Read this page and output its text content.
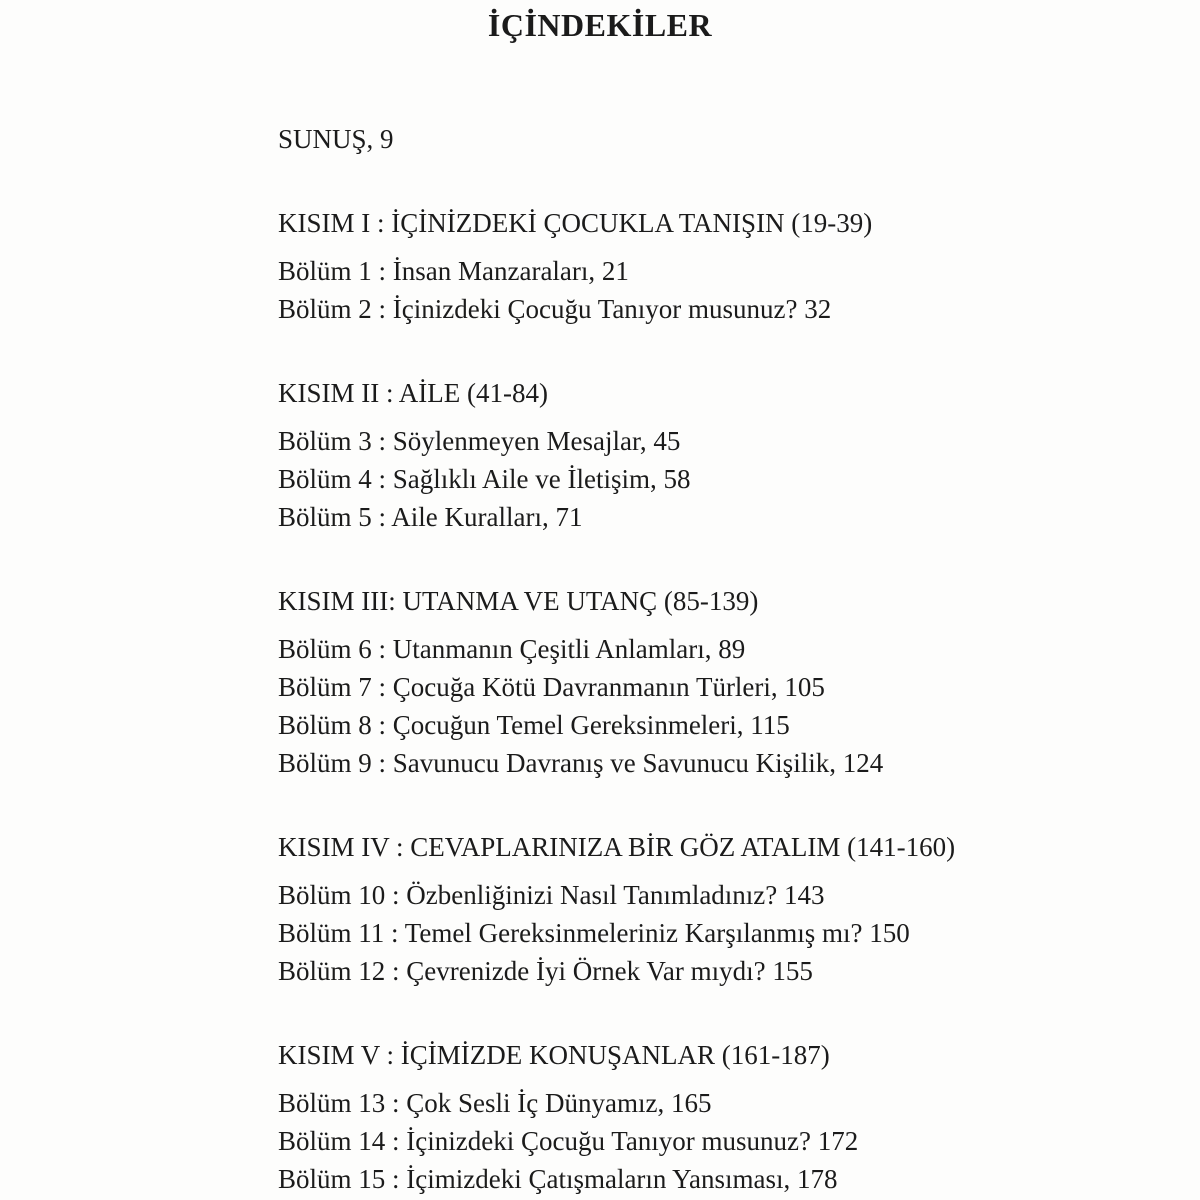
İÇİNDEKİLER

SUNUŞ, 9

KISIM I : İÇİNİZDEKİ ÇOCUKLA TANIŞIN (19-39)

Bölüm 1 : İnsan Manzaraları, 21

Bölüm 2 : İçinizdeki Çocuğu Tanıyor musunuz? 32

KISIM II : AİLE (41-84)

Bölüm 3 : Söylenmeyen Mesajlar, 45

Bölüm 4 : Sağlıklı Aile ve İletişim, 58

Bölüm 5 : Aile Kuralları, 71

KISIM III: UTANMA VE UTANÇ (85-139)

Bölüm 6 : Utanmanın Çeşitli Anlamları, 89

Bölüm 7 : Çocuğa Kötü Davranmanın Türleri, 105

Bölüm 8 : Çocuğun Temel Gereksinmeleri, 115

Bölüm 9 : Savunucu Davranış ve Savunucu Kişilik, 124

KISIM IV : CEVAPLARINIZA BİR GÖZ ATALIM (141-160)

Bölüm 10 : Özbenliğinizi Nasıl Tanımladınız? 143

Bölüm 11 : Temel Gereksinmeleriniz Karşılanmış mı? 150

Bölüm 12 : Çevrenizde İyi Örnek Var mıydı? 155

KISIM V : İÇİMİZDE KONUŞANLAR (161-187)

Bölüm 13 : Çok Sesli İç Dünyamız, 165

Bölüm 14 : İçinizdeki Çocuğu Tanıyor musunuz? 172

Bölüm 15 : İçimizdeki Çatışmaların Yansıması, 178
